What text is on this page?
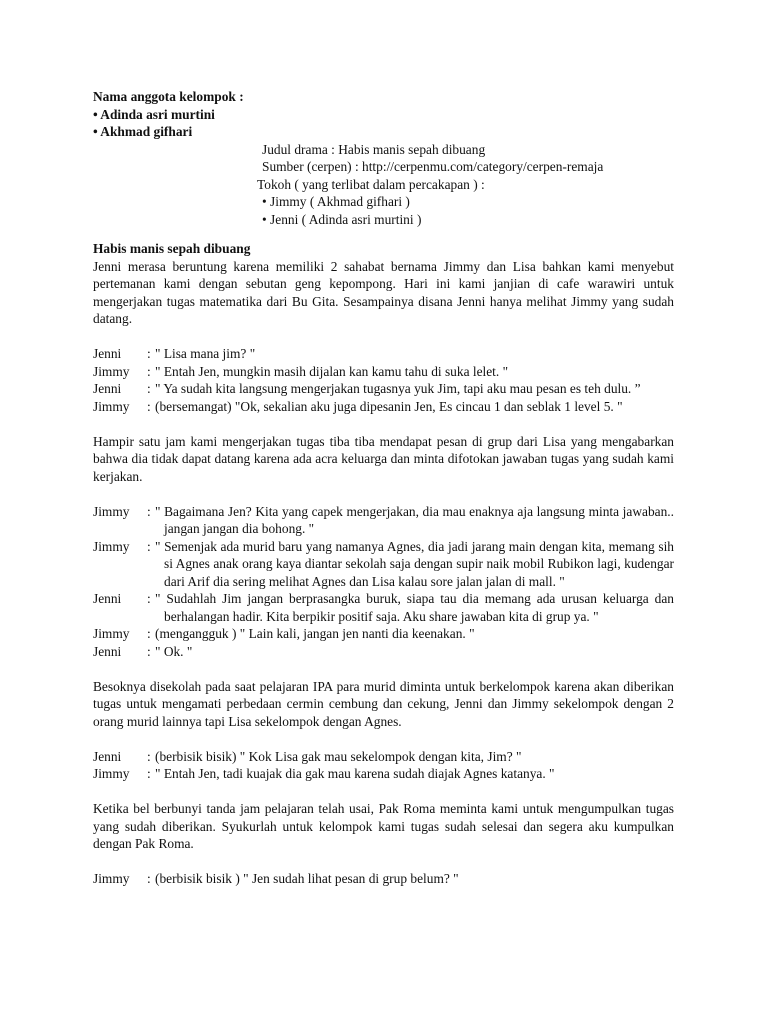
Nama anggota kelompok :
• Adinda asri murtini
• Akhmad gifhari
Judul drama : Habis manis sepah dibuang
Sumber (cerpen) : http://cerpenmu.com/category/cerpen-remaja
Tokoh ( yang terlibat dalam percakapan ) :
• Jimmy ( Akhmad gifhari )
• Jenni ( Adinda asri murtini )
Habis manis sepah dibuang
Jenni merasa beruntung karena memiliki 2 sahabat bernama Jimmy dan Lisa bahkan kami menyebut pertemanan kami dengan sebutan geng kepompong. Hari ini kami janjian di cafe warawiri untuk mengerjakan tugas matematika dari Bu Gita. Sesampainya disana Jenni hanya melihat Jimmy yang sudah datang.
Jenni	: " Lisa mana jim? "
Jimmy	: " Entah Jen, mungkin masih dijalan kan kamu tahu di suka lelet. "
Jenni	: " Ya sudah kita langsung mengerjakan tugasnya yuk Jim, tapi aku mau pesan es teh dulu. ”
Jimmy	: (bersemangat) "Ok, sekalian aku juga dipesanin Jen, Es cincau 1 dan seblak 1 level 5. "
Hampir satu jam kami mengerjakan tugas tiba tiba mendapat pesan di grup dari Lisa yang mengabarkan bahwa dia tidak dapat datang karena ada acra keluarga dan minta difotokan jawaban tugas yang sudah kami kerjakan.
Jimmy	: " Bagaimana Jen? Kita yang capek mengerjakan, dia mau enaknya aja langsung minta jawaban.. jangan jangan dia bohong. "
Jimmy	: " Semenjak ada murid baru yang namanya Agnes, dia jadi jarang main dengan kita, memang sih si Agnes anak orang kaya diantar sekolah saja dengan supir naik mobil Rubikon lagi, kudengar dari Arif dia sering melihat Agnes dan Lisa kalau sore jalan jalan di mall. "
Jenni	: " Sudahlah Jim jangan berprasangka buruk, siapa tau dia memang ada urusan keluarga dan berhalangan hadir. Kita berpikir positif saja. Aku share jawaban kita di grup ya. "
Jimmy	: (mengangguk ) " Lain kali, jangan jen nanti dia keenakan. "
Jenni	: " Ok. "
Besoknya disekolah pada saat pelajaran IPA para murid diminta untuk berkelompok karena akan diberikan tugas untuk mengamati perbedaan cermin cembung dan cekung, Jenni dan Jimmy sekelompok dengan 2 orang murid lainnya tapi Lisa sekelompok dengan Agnes.
Jenni	: (berbisik bisik) " Kok Lisa gak mau sekelompok dengan kita, Jim? "
Jimmy	: " Entah Jen, tadi kuajak dia gak mau karena sudah diajak Agnes katanya. "
Ketika bel berbunyi tanda jam pelajaran telah usai, Pak Roma meminta kami untuk mengumpulkan tugas yang sudah diberikan. Syukurlah untuk kelompok kami tugas sudah selesai dan segera aku kumpulkan dengan Pak Roma.
Jimmy	: (berbisik bisik ) " Jen sudah lihat pesan di grup belum? "
